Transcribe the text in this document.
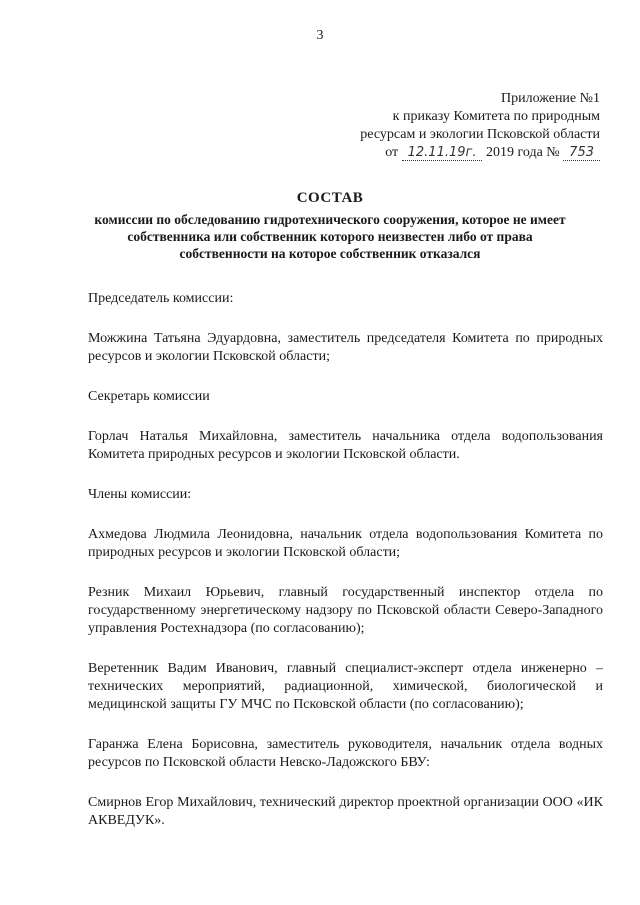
3
Приложение №1
к приказу Комитета по природным
ресурсам и экологии Псковской области
от 12.11.19г. 2019 года № 753
СОСТАВ
комиссии по обследованию гидротехнического сооружения, которое не имеет собственника или собственник которого неизвестен либо от права собственности на которое собственник отказался
Председатель комиссии:
Можжина Татьяна Эдуардовна, заместитель председателя Комитета по природных ресурсов и экологии Псковской области;
Секретарь комиссии
Горлач Наталья Михайловна, заместитель начальника отдела водопользования Комитета природных ресурсов и экологии Псковской области.
Члены комиссии:
Ахмедова Людмила Леонидовна, начальник отдела водопользования Комитета по природных ресурсов и экологии Псковской области;
Резник Михаил Юрьевич, главный государственный инспектор отдела по государственному энергетическому надзору по Псковской области Северо-Западного управления Ростехнадзора (по согласованию);
Веретенник Вадим Иванович, главный специалист-эксперт отдела инженерно – технических мероприятий, радиационной, химической, биологической и медицинской защиты ГУ МЧС по Псковской области (по согласованию);
Гаранжа Елена Борисовна, заместитель руководителя, начальник отдела водных ресурсов по Псковской области Невско-Ладожского БВУ:
Смирнов Егор Михайлович, технический директор проектной организации ООО «ИК АКВЕДУК».
